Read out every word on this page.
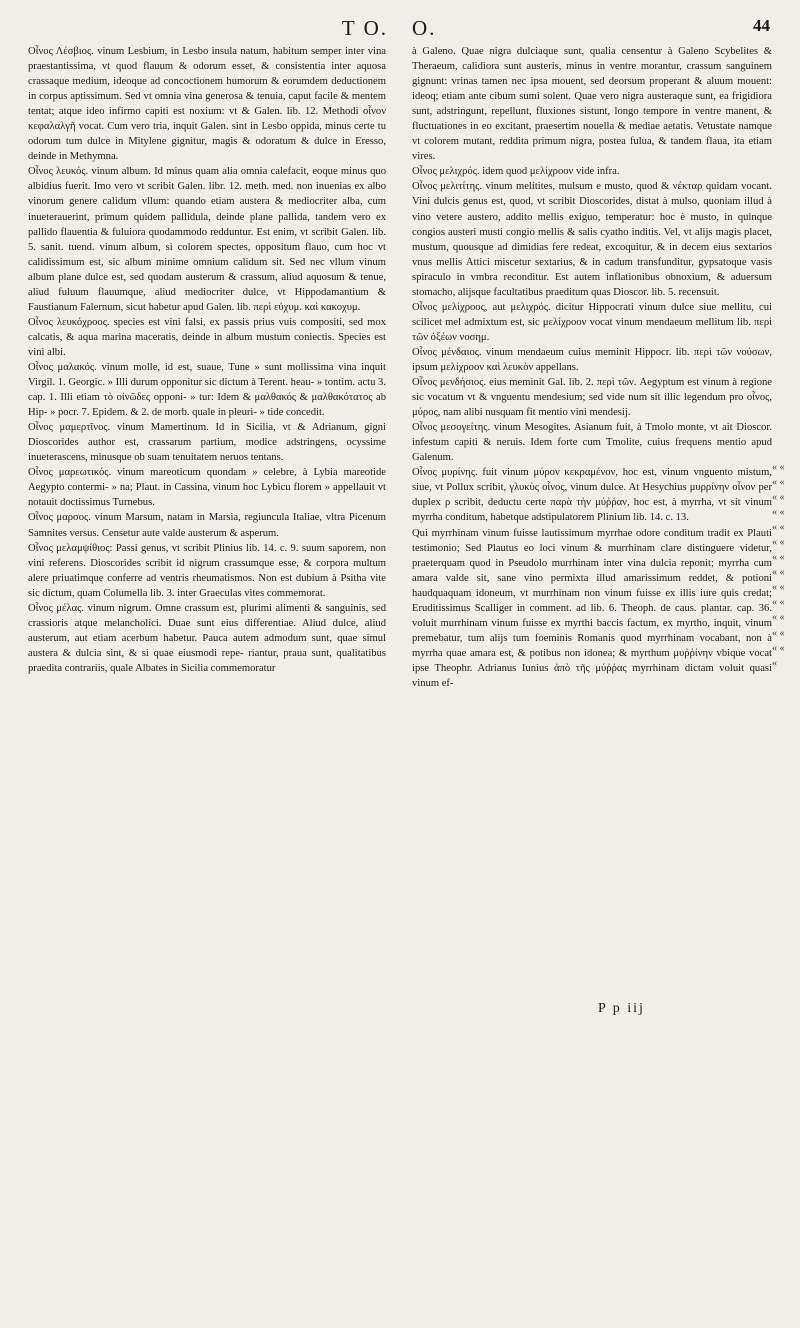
T O. O.	44

Οἶνος Λέσβιος. vinum Lesbium, in Lesbo insula natum, habitum semper inter vina praestantissima, vt quod flauum & odorum esset, & consistentia inter aquosa crassaque medium, ideoque ad concoctionem humorum & eorumdem deductionem in corpus aptissimum. Sed vt omnia vina generosa & tenuia, caput facile & mentem tentat; atque ideo infirmo capiti est noxium: vt & Galen. lib. 12. Methodi οἶνον κεφαλαλγῆ vocat. Cum vero tria, inquit Galen. sint in Lesbo oppida, minus certe tu odorum tum dulce in Mitylene gignitur, magis & odoratum & dulce in Eresso, deinde in Methymna.

Οἶνος λευκός. vinum album. Id minus quam alia omnia calefacit, eoque minus quo albidius fuerit. Imo vero vt scribit Galen. libr. 12. meth. med. non inuenias ex albo vinorum genere calidum vllum: quando etiam austera & mediocriter alba, cum inueterauerint, primum quidem pallidula, deinde plane pallida, tandem vero ex pallido flauentia & fuluiora quodammodo redduntur. Est enim, vt scribit Galen. lib. 5. sanit. tuend. vinum album, si colorem spectes, oppositum flauo, cum hoc vt calidissimum est, sic album minime omnium calidum sit. Sed nec vllum vinum album plane dulce est, sed quodam austerum & crassum, aliud aquosum & tenue, aliud fuluum flauumque, aliud mediocriter dulce, vt Hippodamantium & Faustianum Falernum, sicut habetur apud Galen. lib. περὶ εὐχυμ. καὶ κακοχυμ.

Οἶνος λευκόχροος. species est vini falsi, ex passis prius vuis compositi, sed mox calcatis, & aqua marina maceratis, deinde in album mustum coniectis. Species est vini albi.

Οἶνος μαλακός. vinum molle, id est, suaue, Tune » sunt mollissima vina inquit Virgil. 1. Georgic. » Illi durum opponitur sic dictum à Terent. heau- » tontim. actu 3. cap. 1. Illi etiam τὸ οἰνῶδες opponi- » tur: Idem & μαλθακός & μαλθακότατος ab Hip- » pocr. 7. Epidem. & 2. de morb. quale in pleuri- » tide concedit.

Οἶνος μαμερτῖνος. vinum Mamertinum. Id in Sicilia, vt & Adrianum, gigni Dioscorides author est, crassarum partium, modice adstringens, ocyssime inueterascens, minusque ob suam tenuitatem neruos tentans.

Οἶνος μαρεωτικός. vinum mareoticum quondam » celebre, à Lybia mareotide Aegypto contermi- » na; Plaut. in Cassina, vinum hoc Lybicu florem » appellauit vt notauit doctissimus Turnebus.

Οἶνος μαρσος. vinum Marsum, natam in Marsia, regiuncula Italiae, vltra Picenum Samnites versus. Censetur aute valde austerum & asperum.

Οἶνος μελαμψίθιος: Passi genus, vt scribit Plinius lib. 14. c. 9. suum saporem, non vini referens. Dioscorides scribit id nigrum crassumque esse, & corpora multum alere priuatimque conferre ad ventris rheumatismos. Non est dubium à Psitha vite sic dictum, quam Columella lib. 3. inter Graeculas vites commemorat.

Οἶνος μέλας. vinum nigrum. Omne crassum est, plurimi alimenti & sanguinis, sed crassioris atque melancholici. Duae sunt eius differentiae. Aliud dulce, aliud austerum, aut etiam acerbum habetur. Pauca autem admodum sunt, quae simul austera & dulcia sint, & si quae eiusmodi repe- riantur, praua sunt, qualitatibus praedita contrariis, quale Albates in Sicilia commemoratur

à Galeno. Quae nigra dulciaque sunt, qualia censentur à Galeno Scybelites & Theraeum, calidiora sunt austeris, minus in ventre morantur, crassum sanguinem gignunt: vrinas tamen nec ipsa mouent, sed deorsum properant & aluum mouent: ideoq; etiam ante cibum sumi solent. Quae vero nigra austeraque sunt, ea frigidiora sunt, adstringunt, repellunt, fluxiones sistunt, longo tempore in ventre manent, & fluctuationes in eo excitant, praesertim nouella & mediae aetatis. Vetustate namque vt colorem mutant, reddita primum nigra, postea fulua, & tandem flaua, ita etiam vires.

Οἶνος μελιχρός. idem quod μελίχροον vide infra.

Οἶνος μελιτίτης. vinum melitites, mulsum e musto, quod & νέκταρ quidam vocant. Vini dulcis genus est, quod, vt scribit Dioscorides, distat à mulso, quoniam illud à vino vetere austero, addito mellis exiguo, temperatur: hoc è musto, in quinque congios austeri musti congio mellis & salis cyatho inditis. Vel, vt alijs magis placet, mustum, quousque ad dimidias fere redeat, excoquitur, & in decem eius sextarios vnus mellis Attici miscetur sextarius, & in cadum transfunditur, gypsatoque vasis spiraculo in vmbra reconditur. Est autem inflationibus obnoxium, & aduersum stomacho, alijsque facultatibus praeditum quas Dioscor. lib. 5. recensuit.

Οἶνος μελίχροος, aut μελιχρός. dicitur Hippocrati vinum dulce siue mellitu, cui scilicet mel admixtum est, sic μελίχροον vocat vinum mendaeum mellitum lib. περὶ τῶν ὀξέων νοσημ.

Οἶνος μένδαιος. vinum mendaeum cuius meminit Hippocr. lib. περὶ τῶν νούσων, ipsum μελίχροον καὶ λευκὸν appellans.

Οἶνος μενδήσιος. eius meminit Gal. lib. 2. περὶ τῶν. Aegyptum est vinum à regione sic vocatum vt & vnguentu mendesium; sed vide num sit illic legendum pro οἶνος, μύρος, nam alibi nusquam fit mentio vini mendesij.

Οἶνος μεσογείτης. vinum Mesogites. Asianum fuit, à Tmolo monte, vt ait Dioscor. infestum capiti & neruis. Idem forte cum Tmolite, cuius frequens mentio apud Galenum.

Οἶνος μυρίνης. fuit vinum μύρον κεκραμένον, hoc est, vinum vnguento mistum, siue, vt Pollux scribit, γλυκὺς οἶνος, vinum dulce. At Hesychius μυρρίνην οἶνον per duplex ρ scribit, deductu certe παρὰ τὴν μύῤῥαν, hoc est, à myrrha, vt sit vinum myrrha conditum, habetque adstipulatorem Plinium lib. 14. c. 13.

Qui myrrhinam vinum fuisse lautissimum myrrhae odore conditum tradit ex Plauti testimonio; Sed Plautus eo loci vinum & murrhinam clare distinguere videtur, praeterquam quod in Pseudolo murrhinam inter vina dulcia reponit; myrrha cum amara valde sit, sane vino permixta illud amarissimum reddet, & potioni haudquaquam idoneum, vt murrhinam non vinum fuisse ex illis iure quis credat; Eruditissimus Scalliger in comment. ad lib. 6. Theoph. de caus. plantar. cap. 36. voluit murrhinam vinum fuisse ex myrthi baccis factum, ex myrtho, inquit, vinum premebatur, tum alijs tum foeminis Romanis quod myrrhinam vocabant, non à myrrha quae amara est, & potibus non idonea; & myrthum μυῤῥίνην vbique vocat ipse Theophr. Adrianus Iunius ἀπὸ τῆς μύῤῥας myrrhinam dictam voluit quasi vinum ef-

« « « « « « « « « « « « « « « « « « « « « « « « « « «
P p iij
